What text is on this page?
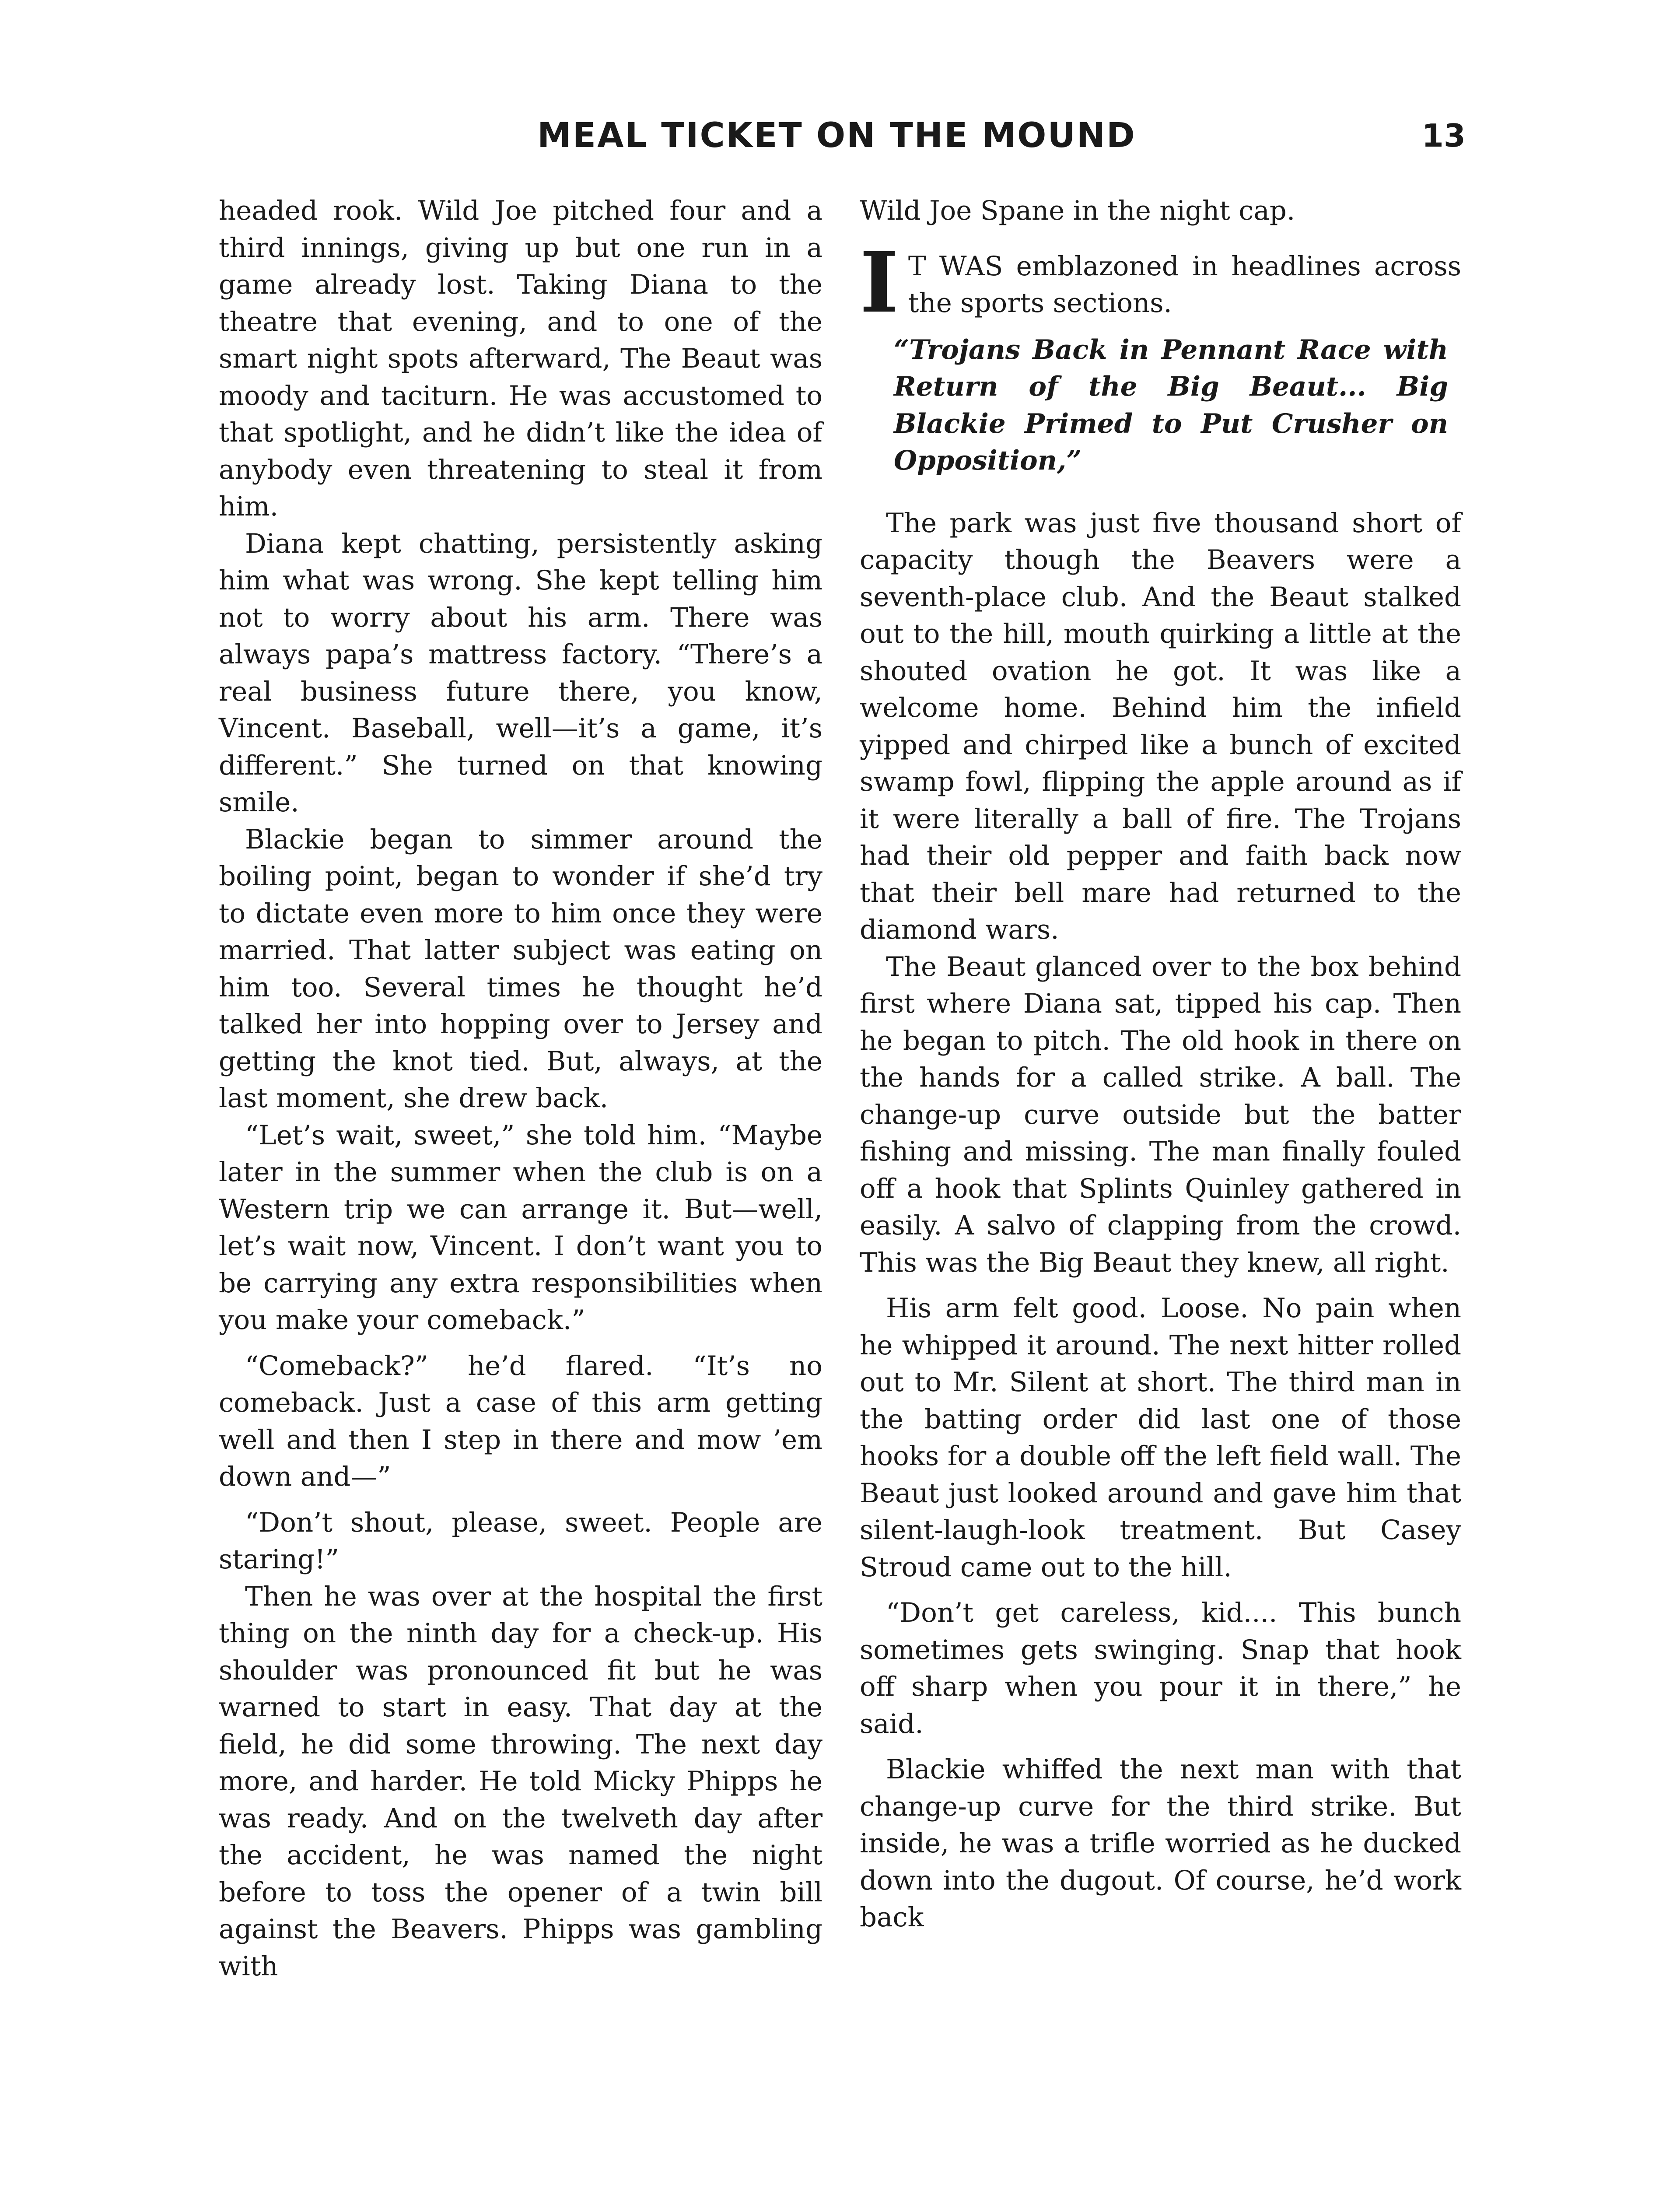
MEAL TICKET ON THE MOUND	13

headed rook. Wild Joe pitched four and a third innings, giving up but one run in a game already lost. Taking Diana to the theatre that evening, and to one of the smart night spots afterward, The Beaut was moody and taciturn. He was accustomed to that spotlight, and he didn’t like the idea of anybody even threatening to steal it from him.

Diana kept chatting, persistently asking him what was wrong. She kept telling him not to worry about his arm. There was always papa’s mattress factory. “There’s a real business future there, you know, Vincent. Baseball, well—it’s a game, it’s different.” She turned on that knowing smile.

Blackie began to simmer around the boiling point, began to wonder if she’d try to dictate even more to him once they were married. That latter subject was eating on him too. Several times he thought he’d talked her into hopping over to Jersey and getting the knot tied. But, always, at the last moment, she drew back.

“Let’s wait, sweet,” she told him. “Maybe later in the summer when the club is on a Western trip we can arrange it. But—well, let’s wait now, Vincent. I don’t want you to be carrying any extra responsibilities when you make your comeback.”

“Comeback?” he’d flared. “It’s no comeback. Just a case of this arm getting well and then I step in there and mow ’em down and—”

“Don’t shout, please, sweet. People are staring!”

Then he was over at the hospital the first thing on the ninth day for a check-up. His shoulder was pronounced fit but he was warned to start in easy. That day at the field, he did some throwing. The next day more, and harder. He told Micky Phipps he was ready. And on the twelveth day after the accident, he was named the night before to toss the opener of a twin bill against the Beavers. Phipps was gambling with

Wild Joe Spane in the night cap.

I T WAS emblazoned in headlines across the sports sections.

“Trojans Back in Pennant Race with Return of the Big Beaut... Big Blackie Primed to Put Crusher on Opposition,”

The park was just five thousand short of capacity though the Beavers were a seventh-place club. And the Beaut stalked out to the hill, mouth quirking a little at the shouted ovation he got. It was like a welcome home. Behind him the infield yipped and chirped like a bunch of excited swamp fowl, flipping the apple around as if it were literally a ball of fire. The Trojans had their old pepper and faith back now that their bell mare had returned to the diamond wars.

The Beaut glanced over to the box behind first where Diana sat, tipped his cap. Then he began to pitch. The old hook in there on the hands for a called strike. A ball. The change-up curve outside but the batter fishing and missing. The man finally fouled off a hook that Splints Quinley gathered in easily. A salvo of clapping from the crowd. This was the Big Beaut they knew, all right.

His arm felt good. Loose. No pain when he whipped it around. The next hitter rolled out to Mr. Silent at short. The third man in the batting order did last one of those hooks for a double off the left field wall. The Beaut just looked around and gave him that silent-laugh-look treatment. But Casey Stroud came out to the hill.

“Don’t get careless, kid.... This bunch sometimes gets swinging. Snap that hook off sharp when you pour it in there,” he said.

Blackie whiffed the next man with that change-up curve for the third strike. But inside, he was a trifle worried as he ducked down into the dugout. Of course, he’d work back
